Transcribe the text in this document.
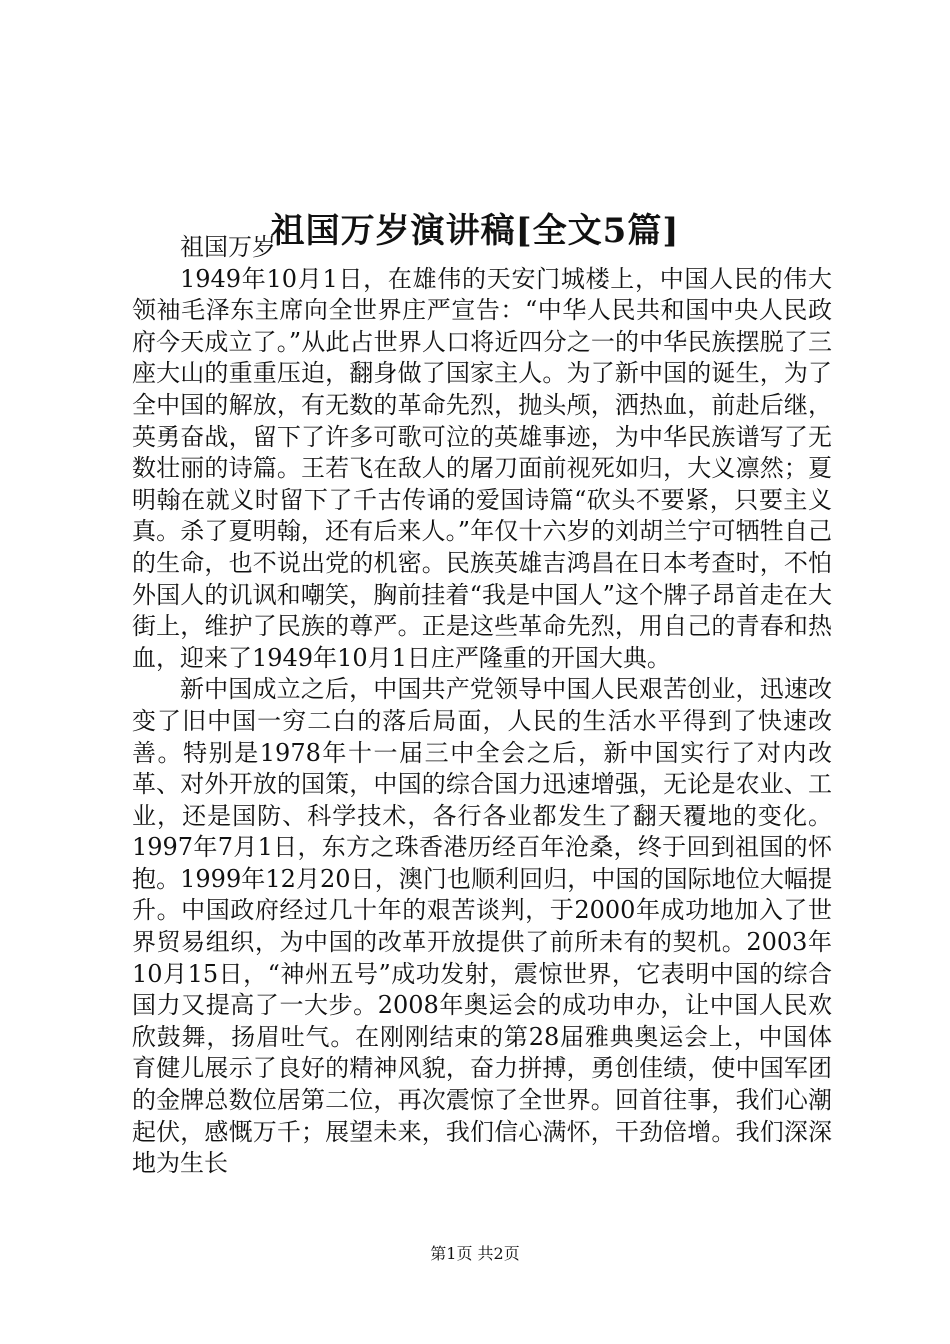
祖国万岁演讲稿[全文5篇]

祖国万岁

1949年10月1日，在雄伟的天安门城楼上，中国人民的伟大领袖毛泽东主席向全世界庄严宣告：“中华人民共和国中央人民政府今天成立了。”从此占世界人口将近四分之一的中华民族摆脱了三座大山的重重压迫，翻身做了国家主人。为了新中国的诞生，为了全中国的解放，有无数的革命先烈，抛头颅，洒热血，前赴后继，英勇奋战，留下了许多可歌可泣的英雄事迹，为中华民族谱写了无数壮丽的诗篇。王若飞在敌人的屠刀面前视死如归，大义凛然；夏明翰在就义时留下了千古传诵的爱国诗篇“砍头不要紧，只要主义真。杀了夏明翰，还有后来人。”年仅十六岁的刘胡兰宁可牺牲自己的生命，也不说出党的机密。民族英雄吉鸿昌在日本考查时，不怕外国人的讥讽和嘲笑，胸前挂着“我是中国人”这个牌子昂首走在大街上，维护了民族的尊严。正是这些革命先烈，用自己的青春和热血，迎来了1949年10月1日庄严隆重的开国大典。

新中国成立之后，中国共产党领导中国人民艰苦创业，迅速改变了旧中国一穷二白的落后局面，人民的生活水平得到了快速改善。特别是1978年十一届三中全会之后，新中国实行了对内改革、对外开放的国策，中国的综合国力迅速增强，无论是农业、工业，还是国防、科学技术，各行各业都发生了翻天覆地的变化。1997年7月1日，东方之珠香港历经百年沧桑，终于回到祖国的怀抱。1999年12月20日，澳门也顺利回归，中国的国际地位大幅提升。中国政府经过几十年的艰苦谈判，于2000年成功地加入了世界贸易组织，为中国的改革开放提供了前所未有的契机。2003年10月15日，“神州五号”成功发射，震惊世界，它表明中国的综合国力又提高了一大步。2008年奥运会的成功申办，让中国人民欢欣鼓舞，扬眉吐气。在刚刚结束的第28届雅典奥运会上，中国体育健儿展示了良好的精神风貌，奋力拼搏，勇创佳绩，使中国军团的金牌总数位居第二位，再次震惊了全世界。回首往事，我们心潮起伏，感慨万千；展望未来，我们信心满怀，干劲倍增。我们深深地为生长

第1页 共2页
